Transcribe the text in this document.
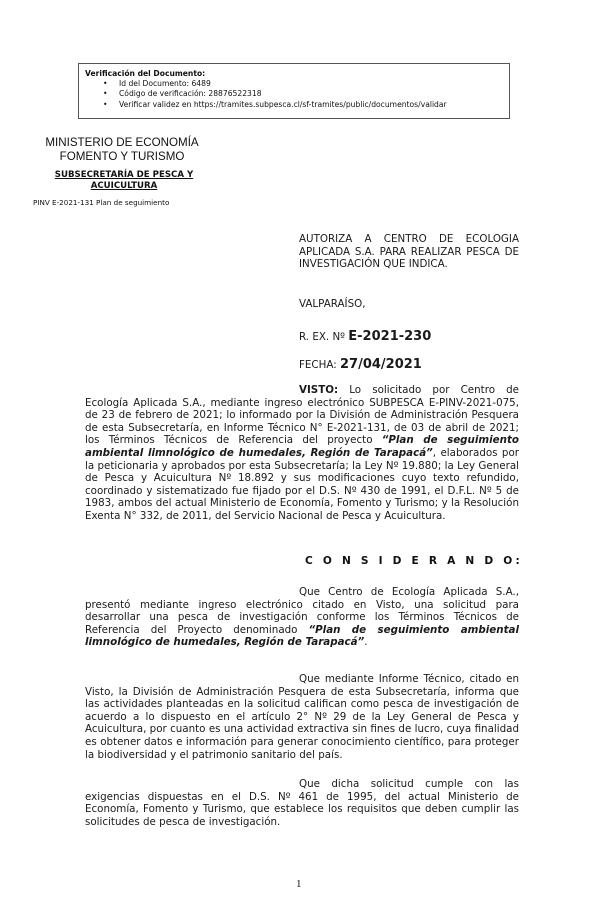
Verificación del Documento:
• Id del Documento: 6489
• Código de verificación: 28876522318
• Verificar validez en https://tramites.subpesca.cl/sf-tramites/public/documentos/validar
MINISTERIO DE ECONOMÍA
FOMENTO Y TURISMO
SUBSECRETARÍA DE PESCA Y
ACUICULTURA
PINV E-2021-131 Plan de seguimiento
AUTORIZA A CENTRO DE ECOLOGIA APLICADA S.A. PARA REALIZAR PESCA DE INVESTIGACIÓN QUE INDICA.
VALPARAÍSO,
R. EX. Nº E-2021-230
FECHA: 27/04/2021
VISTO: Lo solicitado por Centro de Ecología Aplicada S.A., mediante ingreso electrónico SUBPESCA E-PINV-2021-075, de 23 de febrero de 2021; lo informado por la División de Administración Pesquera de esta Subsecretaría, en Informe Técnico N° E-2021-131, de 03 de abril de 2021; los Términos Técnicos de Referencia del proyecto “Plan de seguimiento ambiental limnológico de humedales, Región de Tarapacá”, elaborados por la peticionaria y aprobados por esta Subsecretaría; la Ley Nº 19.880; la Ley General de Pesca y Acuicultura Nº 18.892 y sus modificaciones cuyo texto refundido, coordinado y sistematizado fue fijado por el D.S. Nº 430 de 1991, el D.F.L. Nº 5 de 1983, ambos del actual Ministerio de Economía, Fomento y Turismo; y la Resolución Exenta N° 332, de 2011, del Servicio Nacional de Pesca y Acuicultura.
C O N S I D E R A N D O:
Que Centro de Ecología Aplicada S.A., presentó mediante ingreso electrónico citado en Visto, una solicitud para desarrollar una pesca de investigación conforme los Términos Técnicos de Referencia del Proyecto denominado “Plan de seguimiento ambiental limnológico de humedales, Región de Tarapacá”.
Que mediante Informe Técnico, citado en Visto, la División de Administración Pesquera de esta Subsecretaría, informa que las actividades planteadas en la solicitud califican como pesca de investigación de acuerdo a lo dispuesto en el artículo 2° Nº 29 de la Ley General de Pesca y Acuicultura, por cuanto es una actividad extractiva sin fines de lucro, cuya finalidad es obtener datos e información para generar conocimiento científico, para proteger la biodiversidad y el patrimonio sanitario del país.
Que dicha solicitud cumple con las exigencias dispuestas en el D.S. Nº 461 de 1995, del actual Ministerio de Economía, Fomento y Turismo, que establece los requisitos que deben cumplir las solicitudes de pesca de investigación.
1
